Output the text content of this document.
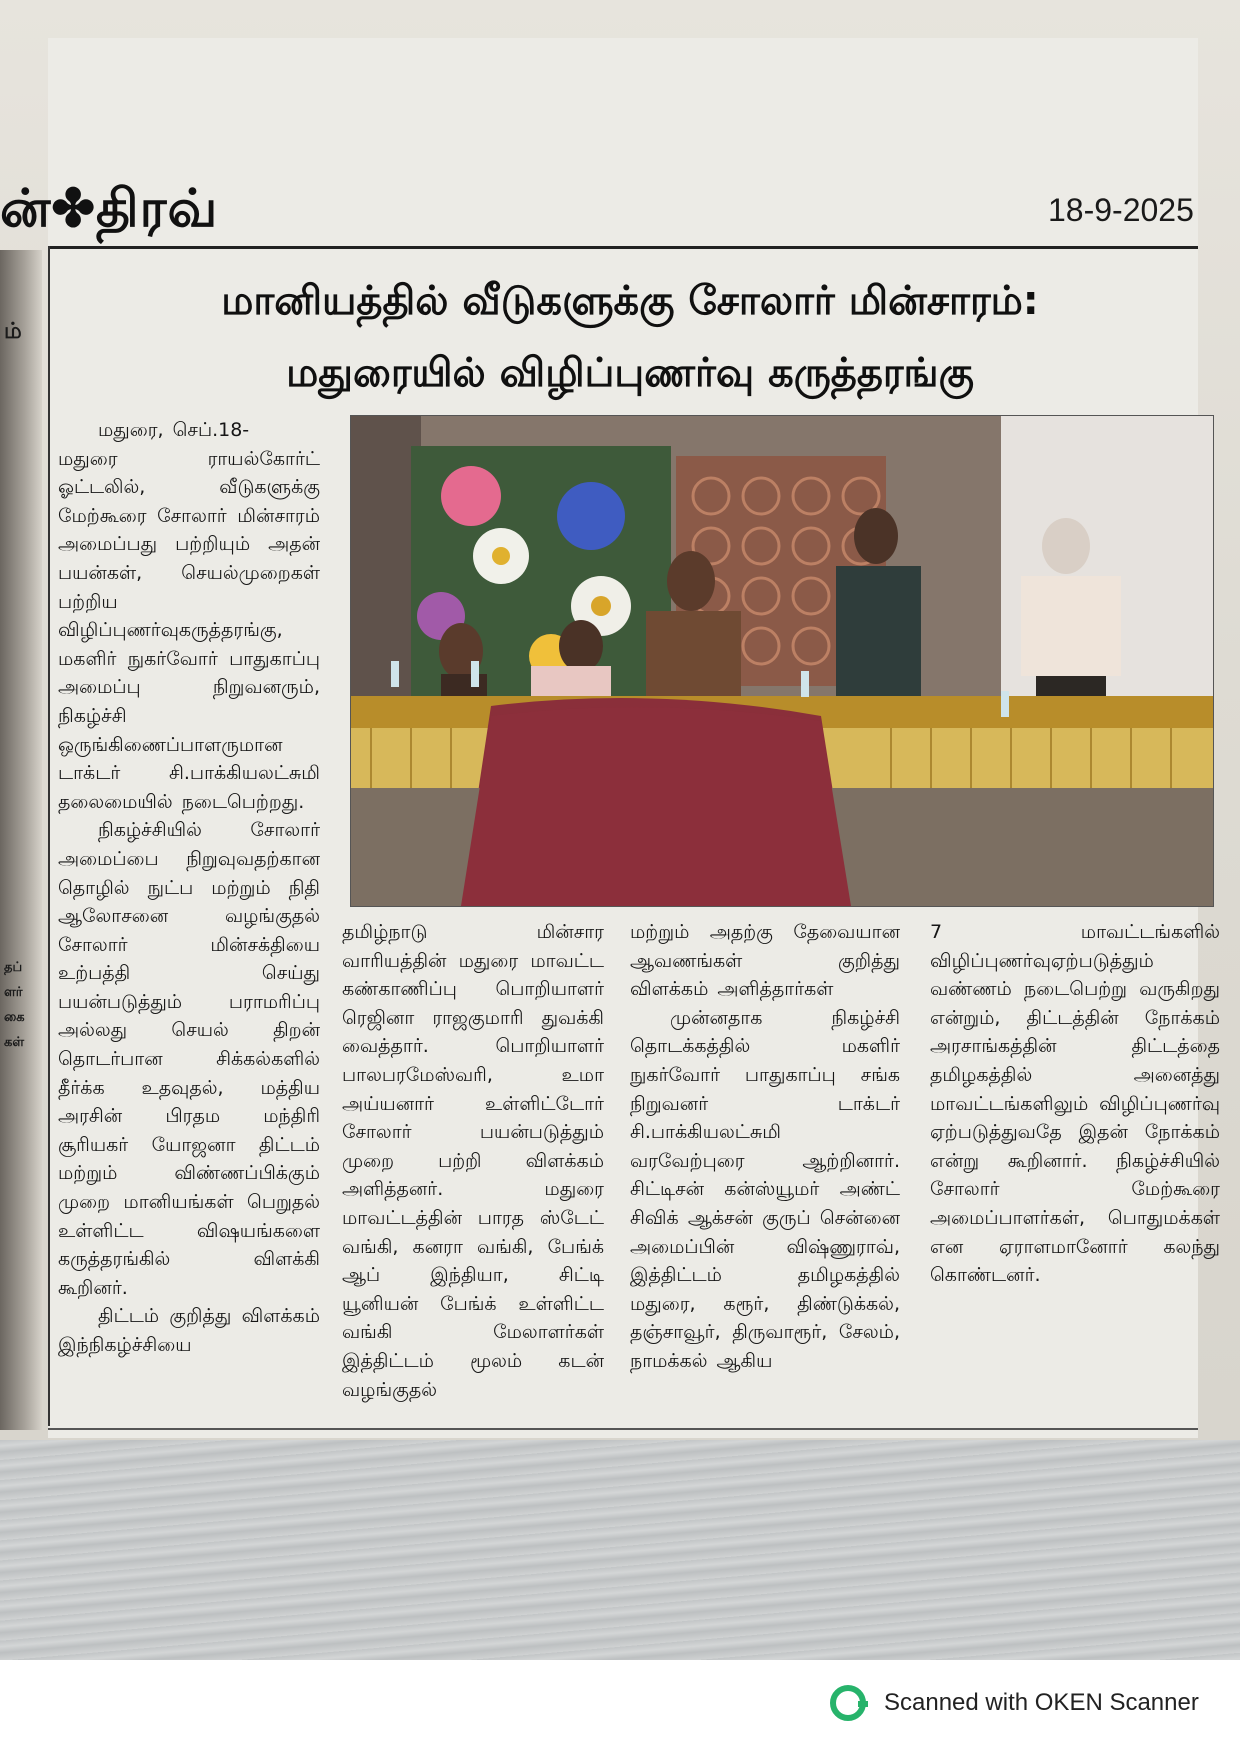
ம்
தப்
ளர்
கை
கள்
ன்✤திரவ்	18-9-2025
மானியத்தில் வீடுகளுக்கு சோலார் மின்சாரம்:
மதுரையில் விழிப்புணர்வு கருத்தரங்கு

மதுரை, செப்.18-

மதுரை ராயல்கோர்ட் ஓட்டலில், வீடுகளுக்கு மேற்கூரை சோலார் மின்சாரம் அமைப்பது பற்றியும் அதன் பயன்கள், செயல்முறைகள் பற்றிய விழிப்புணர்வுகருத்தரங்கு, மகளிர் நுகர்வோர் பாதுகாப்பு அமைப்பு நிறுவனரும், நிகழ்ச்சி ஒருங்கிணைப்பாளருமான டாக்டர் சி.பாக்கியலட்சுமி தலைமையில் நடைபெற்றது.

நிகழ்ச்சியில் சோலார் அமைப்பை நிறுவுவதற்கான தொழில் நுட்ப மற்றும் நிதி ஆலோசனை வழங்குதல் சோலார் மின்சக்தியை உற்பத்தி செய்து பயன்படுத்தும் பராமரிப்பு அல்லது செயல் திறன் தொடர்பான சிக்கல்களில் தீர்க்க உதவுதல், மத்திய அரசின் பிரதம மந்திரி சூரியகர் யோஜனா திட்டம் மற்றும் விண்ணப்பிக்கும் முறை மானியங்கள் பெறுதல் உள்ளிட்ட விஷயங்களை கருத்தரங்கில் விளக்கி கூறினர்.

திட்டம் குறித்து விளக்கம் இந்நிகழ்ச்சியை

தமிழ்நாடு மின்சார வாரியத்தின் மதுரை மாவட்ட கண்காணிப்பு பொறியாளர் ரெஜினா ராஜகுமாரி துவக்கி வைத்தார். பொறியாளர் பாலபரமேஸ்வரி, உமா அய்யனார் உள்ளிட்டோர் சோலார் பயன்படுத்தும் முறை பற்றி விளக்கம் அளித்தனர். மதுரை மாவட்டத்தின் பாரத ஸ்டேட் வங்கி, கனரா வங்கி, பேங்க் ஆப் இந்தியா, சிட்டி யூனியன் பேங்க் உள்ளிட்ட வங்கி மேலாளர்கள் இத்திட்டம் மூலம் கடன் வழங்குதல்

மற்றும் அதற்கு தேவையான ஆவணங்கள் குறித்து விளக்கம் அளித்தார்கள்

முன்னதாக நிகழ்ச்சி தொடக்கத்தில் மகளிர் நுகர்வோர் பாதுகாப்பு சங்க நிறுவனர் டாக்டர் சி.பாக்கியலட்சுமி வரவேற்புரை ஆற்றினார். சிட்டிசன் கன்ஸ்யூமர் அண்ட் சிவிக் ஆக்சன் குருப் சென்னை அமைப்பின் விஷ்ணுராவ், இத்திட்டம் தமிழகத்தில் மதுரை, கரூர், திண்டுக்கல், தஞ்சாவூர், திருவாரூர், சேலம், நாமக்கல் ஆகிய

7 மாவட்டங்களில் விழிப்புணர்வுஏற்படுத்தும் வண்ணம் நடைபெற்று வருகிறது என்றும், திட்டத்தின் நோக்கம் அரசாங்கத்தின் திட்டத்தை தமிழகத்தில் அனைத்து மாவட்டங்களிலும் விழிப்புணர்வு ஏற்படுத்துவதே இதன் நோக்கம் என்று கூறினார். நிகழ்ச்சியில் சோலார் மேற்கூரை அமைப்பாளர்கள், பொதுமக்கள் என ஏராளமானோர் கலந்து கொண்டனர்.

Scanned with OKEN Scanner
